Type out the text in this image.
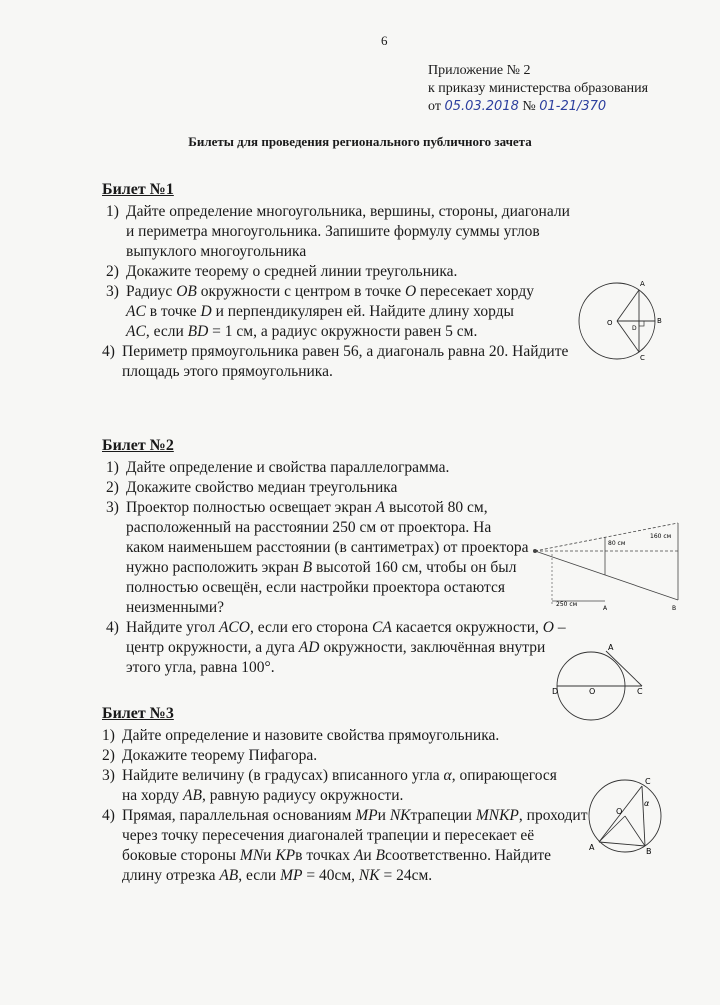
6
Приложение № 2
к приказу министерства образования
от 05.03.2018 № 01-21/370
Билеты для проведения регионального публичного зачета
Билет №1
1) Дайте определение многоугольника, вершины, стороны, диагонали и периметра многоугольника. Запишите формулу суммы углов выпуклого многоугольника
2) Докажите теорему о средней линии треугольника.
3) Радиус OB окружности с центром в точке O пересекает хорду AC в точке D и перпендикулярен ей. Найдите длину хорды AC, если BD = 1 см, а радиус окружности равен 5 см.
4) Периметр прямоугольника равен 56, а диагональ равна 20. Найдите площадь этого прямоугольника.
O
A
B
C
D
Билет №2
1) Дайте определение и свойства параллелограмма.
2) Докажите свойство медиан треугольника
3) Проектор полностью освещает экран A высотой 80 см, расположенный на расстоянии 250 см от проектора. На каком наименьшем расстоянии (в сантиметрах) от проектора нужно расположить экран B высотой 160 см, чтобы он был полностью освещён, если настройки проектора остаются неизменными?
4) Найдите угол ACO, если его сторона CA касается окружности, O – центр окружности, а дуга AD окружности, заключённая внутри этого угла, равна 100°.
80 см
160 см
250 см
A	B
D	O	C
A
Билет №3
1) Дайте определение и назовите свойства прямоугольника.
2) Докажите теорему Пифагора.
3) Найдите величину (в градусах) вписанного угла α, опирающегося на хорду AB, равную радиусу окружности.
4) Прямая, параллельная основаниям MPи NKтрапеции MNKP, проходит через точку пересечения диагоналей трапеции и пересекает её боковые стороны MNи KPв точках Aи Bсоответственно. Найдите длину отрезка AB, если MP = 40см, NK = 24см.
O
A	B
C
α
